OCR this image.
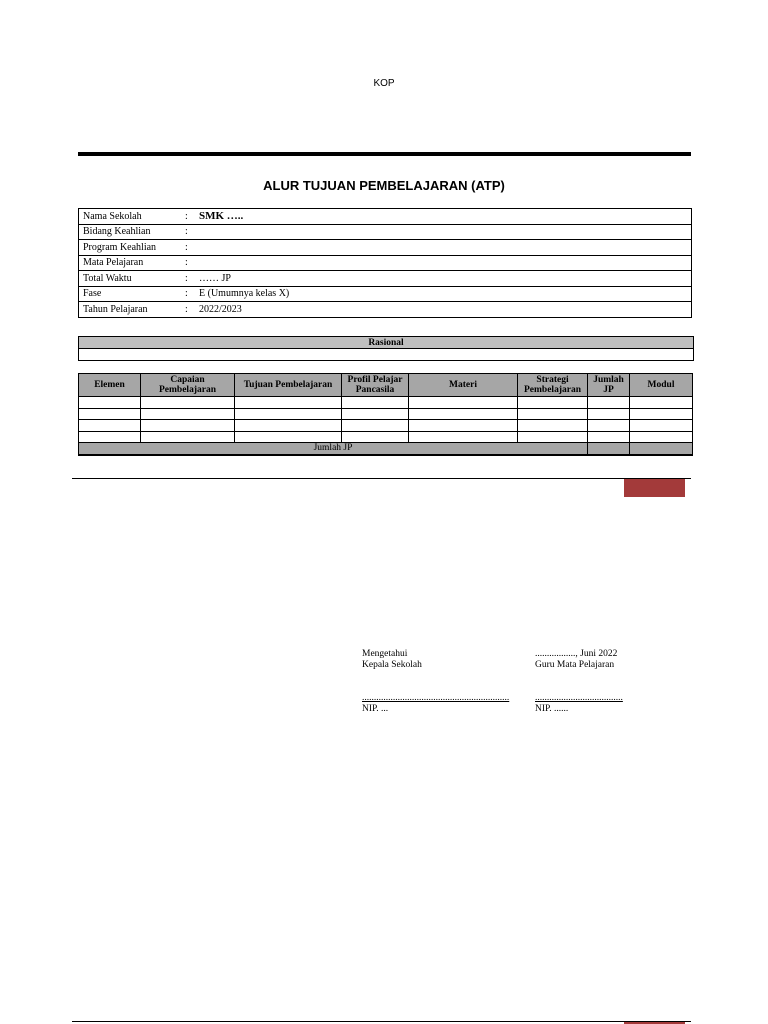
KOP
ALUR TUJUAN PEMBELAJARAN (ATP)
Nama Sekolah	:	SMK …..
Bidang Keahlian	:	
Program Keahlian	:	
Mata Pelajaran	:	
Total Waktu	:	…… JP
Fase	:	E (Umumnya kelas X)
Tahun Pelajaran	:	2022/2023
Rasional

Elemen	Capaian Pembelajaran	Tujuan Pembelajaran	Profil Pelajar Pancasila	Materi	Strategi Pembelajaran	Jumlah JP	Modul

Jumlah JP							
Mengetahui
Kepala Sekolah
..............................................................
NIP. ...
................., Juni 2022
Guru Mata Pelajaran
.....................................
NIP. ......
